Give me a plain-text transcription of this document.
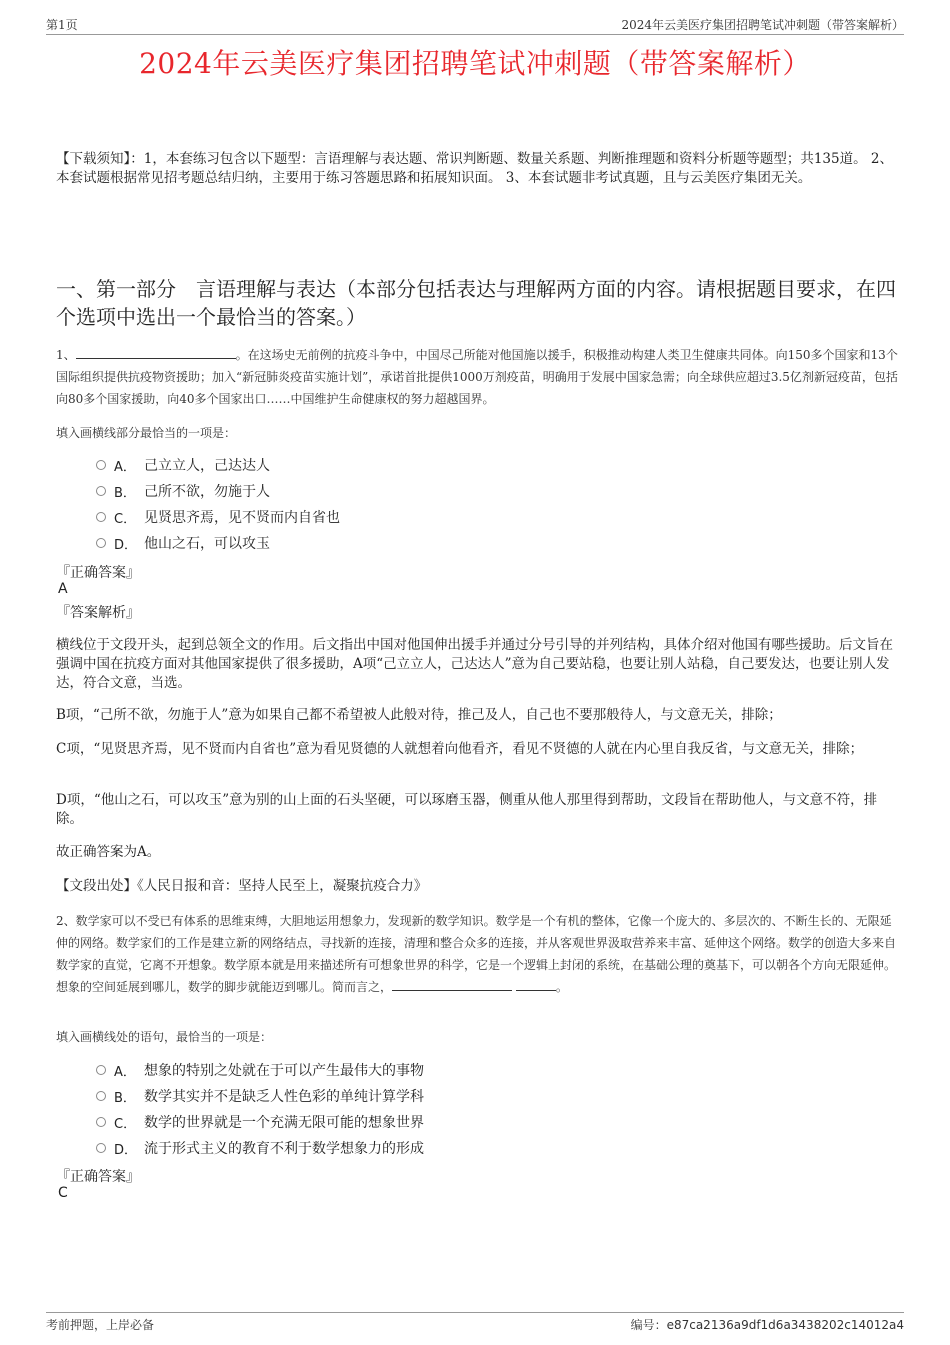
第1页	2024年云美医疗集团招聘笔试冲刺题（带答案解析）
2024年云美医疗集团招聘笔试冲刺题（带答案解析）
【下载须知】：1，本套练习包含以下题型：言语理解与表达题、常识判断题、数量关系题、判断推理题和资料分析题等题型；共135道。 2、本套试题根据常见招考题总结归纳，主要用于练习答题思路和拓展知识面。 3、本套试题非考试真题，且与云美医疗集团无关。
一、第一部分　言语理解与表达（本部分包括表达与理解两方面的内容。请根据题目要求，在四个选项中选出一个最恰当的答案。）
1、	。在这场史无前例的抗疫斗争中，中国尽己所能对他国施以援手，积极推动构建人类卫生健康共同体。向150多个国家和13个国际组织提供抗疫物资援助；加入“新冠肺炎疫苗实施计划”，承诺首批提供1000万剂疫苗，明确用于发展中国家急需；向全球供应超过3.5亿剂新冠疫苗，包括向80多个国家援助，向40多个国家出口……中国维护生命健康权的努力超越国界。
填入画横线部分最恰当的一项是：
A． 己立立人，己达达人
B． 己所不欲，勿施于人
C． 见贤思齐焉，见不贤而内自省也
D． 他山之石，可以攻玉
『正确答案』
A
『答案解析』
横线位于文段开头，起到总领全文的作用。后文指出中国对他国伸出援手并通过分号引导的并列结构，具体介绍对他国有哪些援助。后文旨在强调中国在抗疫方面对其他国家提供了很多援助，A项“己立立人，己达达人”意为自己要站稳，也要让别人站稳，自己要发达，也要让别人发达，符合文意，当选。
B项，“己所不欲，勿施于人”意为如果自己都不希望被人此般对待，推己及人，自己也不要那般待人，与文意无关，排除；
C项，“见贤思齐焉，见不贤而内自省也”意为看见贤德的人就想着向他看齐，看见不贤德的人就在内心里自我反省，与文意无关，排除；
D项，“他山之石，可以攻玉”意为别的山上面的石头坚硬，可以琢磨玉器，侧重从他人那里得到帮助，文段旨在帮助他人，与文意不符，排除。
故正确答案为A。
【文段出处】《人民日报和音：坚持人民至上，凝聚抗疫合力》
2、数学家可以不受已有体系的思维束缚，大胆地运用想象力，发现新的数学知识。数学是一个有机的整体，它像一个庞大的、多层次的、不断生长的、无限延伸的网络。数学家们的工作是建立新的网络结点，寻找新的连接，清理和整合众多的连接，并从客观世界汲取营养来丰富、延伸这个网络。数学的创造大多来自数学家的直觉，它离不开想象。数学原本就是用来描述所有可想象世界的科学，它是一个逻辑上封闭的系统，在基础公理的奠基下，可以朝各个方向无限延伸。想象的空间延展到哪儿，数学的脚步就能迈到哪儿。简而言之，	。
填入画横线处的语句，最恰当的一项是：
A． 想象的特别之处就在于可以产生最伟大的事物
B． 数学其实并不是缺乏人性色彩的单纯计算学科
C． 数学的世界就是一个充满无限可能的想象世界
D． 流于形式主义的教育不利于数学想象力的形成
『正确答案』
C
考前押题，上岸必备	编号：e87ca2136a9df1d6a3438202c14012a4
